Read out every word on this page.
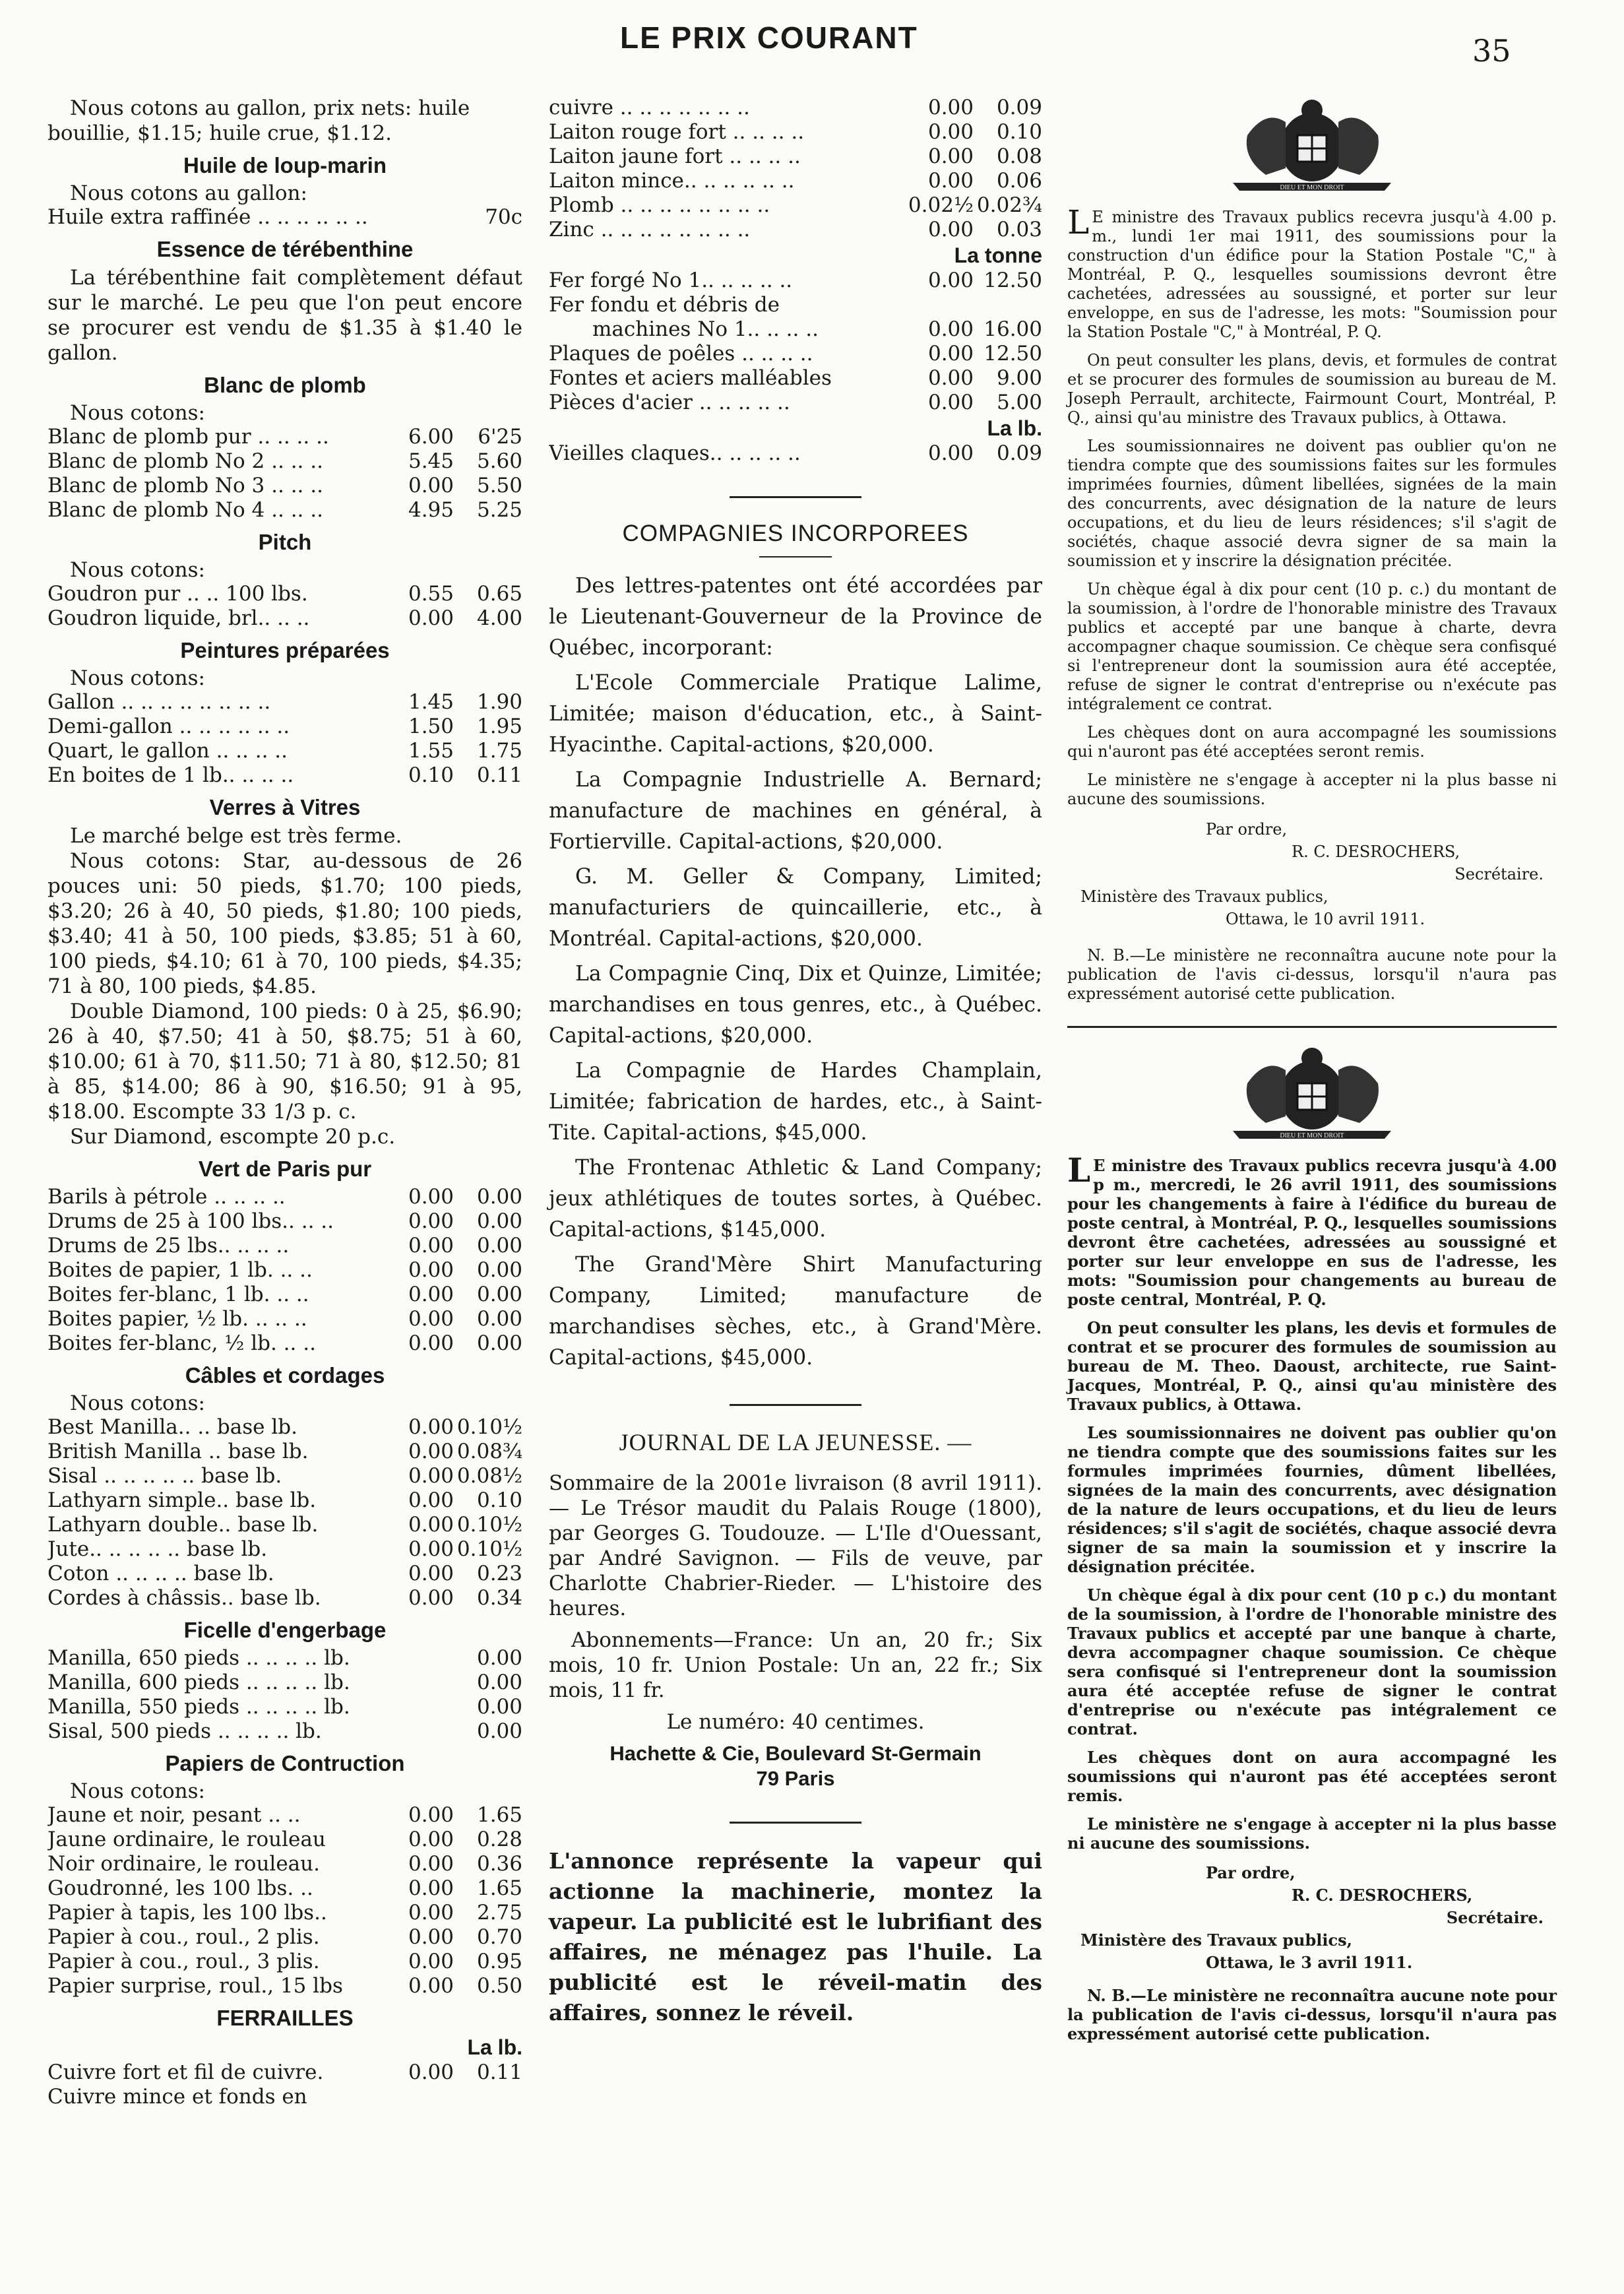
LE PRIX COURANT	35

Nous cotons au gallon, prix nets: huile bouillie, $1.15; huile crue, $1.12.

Huile de loup-marin

Nous cotons au gallon:

Huile extra raffinée .. .. .. .. .. ..	70c
Essence de térébenthine

La térébenthine fait complètement défaut sur le marché. Le peu que l'on peut encore se procurer est vendu de $1.35 à $1.40 le gallon.

Blanc de plomb

Nous cotons:

Blanc de plomb pur .. .. .. ..	6.00	6'25
Blanc de plomb No 2 .. .. ..	5.45	5.60
Blanc de plomb No 3 .. .. ..	0.00	5.50
Blanc de plomb No 4 .. .. ..	4.95	5.25
Pitch

Nous cotons:

Goudron pur .. .. 100 lbs.	0.55	0.65
Goudron liquide, brl.. .. ..	0.00	4.00
Peintures préparées

Nous cotons:

Gallon .. .. .. .. .. .. .. ..	1.45	1.90
Demi-gallon .. .. .. .. .. ..	1.50	1.95
Quart, le gallon .. .. .. ..	1.55	1.75
En boites de 1 lb.. .. .. ..	0.10	0.11
Verres à Vitres

Le marché belge est très ferme.

Nous cotons: Star, au-dessous de 26 pouces uni: 50 pieds, $1.70; 100 pieds, $3.20; 26 à 40, 50 pieds, $1.80; 100 pieds, $3.40; 41 à 50, 100 pieds, $3.85; 51 à 60, 100 pieds, $4.10; 61 à 70, 100 pieds, $4.35; 71 à 80, 100 pieds, $4.85.

Double Diamond, 100 pieds: 0 à 25, $6.90; 26 à 40, $7.50; 41 à 50, $8.75; 51 à 60, $10.00; 61 à 70, $11.50; 71 à 80, $12.50; 81 à 85, $14.00; 86 à 90, $16.50; 91 à 95, $18.00. Escompte 33 1/3 p. c.

Sur Diamond, escompte 20 p.c.

Vert de Paris pur
Barils à pétrole .. .. .. ..	0.00	0.00
Drums de 25 à 100 lbs.. .. ..	0.00	0.00
Drums de 25 lbs.. .. .. ..	0.00	0.00
Boites de papier, 1 lb. .. ..	0.00	0.00
Boites fer-blanc, 1 lb. .. ..	0.00	0.00
Boites papier, ½ lb. .. .. ..	0.00	0.00
Boites fer-blanc, ½ lb. .. ..	0.00	0.00
Câbles et cordages

Nous cotons:

Best Manilla.. .. base lb.	0.00 0.10½
British Manilla .. base lb.	0.00 0.08¾
Sisal .. .. .. .. .. base lb.	0.00 0.08½
Lathyarn simple.. base lb.	0.00	0.10
Lathyarn double.. base lb.	0.00 0.10½
Jute.. .. .. .. .. base lb.	0.00 0.10½
Coton .. .. .. .. base lb.	0.00	0.23
Cordes à châssis.. base lb.	0.00	0.34
Ficelle d'engerbage
Manilla, 650 pieds .. .. .. .. lb.	0.00
Manilla, 600 pieds .. .. .. .. lb.	0.00
Manilla, 550 pieds .. .. .. .. lb.	0.00
Sisal, 500 pieds .. .. .. .. lb.	0.00
Papiers de Contruction

Nous cotons:

Jaune et noir, pesant .. ..	0.00	1.65
Jaune ordinaire, le rouleau	0.00	0.28
Noir ordinaire, le rouleau.	0.00	0.36
Goudronné, les 100 lbs. ..	0.00	1.65
Papier à tapis, les 100 lbs..	0.00	2.75
Papier à cou., roul., 2 plis.	0.00	0.70
Papier à cou., roul., 3 plis.	0.00	0.95
Papier surprise, roul., 15 lbs	0.00	0.50
FERRAILLES
La lb.
Cuivre fort et fil de cuivre.	0.00	0.11
Cuivre mince et fonds en
cuivre .. .. .. .. .. .. ..	0.00	0.09
Laiton rouge fort .. .. .. ..	0.00	0.10
Laiton jaune fort .. .. .. ..	0.00	0.08
Laiton mince.. .. .. .. .. ..	0.00	0.06
Plomb .. .. .. .. .. .. .. ..	0.02½ 0.02¾
Zinc .. .. .. .. .. .. .. ..	0.00	0.03
La tonne
Fer forgé No 1.. .. .. .. ..	0.00 12.50
Fer fondu et débris de
machines No 1.. .. .. ..	0.00 16.00
Plaques de poêles .. .. .. ..	0.00 12.50
Fontes et aciers malléables	0.00	9.00
Pièces d'acier .. .. .. .. ..	0.00	5.00
La lb.
Vieilles claques.. .. .. .. ..	0.00	0.09
COMPAGNIES INCORPOREES

Des lettres-patentes ont été accordées par le Lieutenant-Gouverneur de la Province de Québec, incorporant:

L'Ecole Commerciale Pratique Lalime, Limitée; maison d'éducation, etc., à Saint-Hyacinthe. Capital-actions, $20,000.

La Compagnie Industrielle A. Bernard; manufacture de machines en général, à Fortierville. Capital-actions, $20,000.

G. M. Geller & Company, Limited; manufacturiers de quincaillerie, etc., à Montréal. Capital-actions, $20,000.

La Compagnie Cinq, Dix et Quinze, Limitée; marchandises en tous genres, etc., à Québec. Capital-actions, $20,000.

La Compagnie de Hardes Champlain, Limitée; fabrication de hardes, etc., à Saint-Tite. Capital-actions, $45,000.

The Frontenac Athletic & Land Company; jeux athlétiques de toutes sortes, à Québec. Capital-actions, $145,000.

The Grand'Mère Shirt Manufacturing Company, Limited; manufacture de marchandises sèches, etc., à Grand'Mère. Capital-actions, $45,000.

JOURNAL DE LA JEUNESSE. —

Sommaire de la 2001e livraison (8 avril 1911). — Le Trésor maudit du Palais Rouge (1800), par Georges G. Toudouze. — L'Ile d'Ouessant, par André Savignon. — Fils de veuve, par Charlotte Chabrier-Rieder. — L'histoire des heures.

Abonnements—France: Un an, 20 fr.; Six mois, 10 fr. Union Postale: Un an, 22 fr.; Six mois, 11 fr.

Le numéro: 40 centimes.

Hachette & Cie, Boulevard St-Germain

79 Paris

L'annonce représente la vapeur qui actionne la machinerie, montez la vapeur. La publicité est le lubrifiant des affaires, ne ménagez pas l'huile. La publicité est le réveil-matin des affaires, sonnez le réveil.

DIEU ET MON DROIT

LE ministre des Travaux publics recevra jusqu'à 4.00 p. m., lundi 1er mai 1911, des soumissions pour la construction d'un édifice pour la Station Postale "C," à Montréal, P. Q., lesquelles soumissions devront être cachetées, adressées au soussigné, et porter sur leur enveloppe, en sus de l'adresse, les mots: "Soumission pour la Station Postale "C," à Montréal, P. Q.

On peut consulter les plans, devis, et formules de contrat et se procurer des formules de soumission au bureau de M. Joseph Perrault, architecte, Fairmount Court, Montréal, P. Q., ainsi qu'au ministre des Travaux publics, à Ottawa.

Les soumissionnaires ne doivent pas oublier qu'on ne tiendra compte que des soumissions faites sur les formules imprimées fournies, dûment libellées, signées de la main des concurrents, avec désignation de la nature de leurs occupations, et du lieu de leurs résidences; s'il s'agit de sociétés, chaque associé devra signer de sa main la soumission et y inscrire la désignation précitée.

Un chèque égal à dix pour cent (10 p. c.) du montant de la soumission, à l'ordre de l'honorable ministre des Travaux publics et accepté par une banque à charte, devra accompagner chaque soumission. Ce chèque sera confisqué si l'entrepreneur dont la soumission aura été acceptée, refuse de signer le contrat d'entreprise ou n'exécute pas intégralement ce contrat.

Les chèques dont on aura accompagné les soumissions qui n'auront pas été acceptées seront remis.

Le ministère ne s'engage à accepter ni la plus basse ni aucune des soumissions.

Par ordre,
R. C. DESROCHERS,
Secrétaire.
Ministère des Travaux publics,
Ottawa, le 10 avril 1911.

N. B.—Le ministère ne reconnaîtra aucune note pour la publication de l'avis ci-dessus, lorsqu'il n'aura pas expressément autorisé cette publication.

DIEU ET MON DROIT

LE ministre des Travaux publics recevra jusqu'à 4.00 p m., mercredi, le 26 avril 1911, des soumissions pour les changements à faire à l'édifice du bureau de poste central, à Montréal, P. Q., lesquelles soumissions devront être cachetées, adressées au soussigné et porter sur leur enveloppe en sus de l'adresse, les mots: "Soumission pour changements au bureau de poste central, Montréal, P. Q.

On peut consulter les plans, les devis et formules de contrat et se procurer des formules de soumission au bureau de M. Theo. Daoust, architecte, rue Saint-Jacques, Montréal, P. Q., ainsi qu'au ministère des Travaux publics, à Ottawa.

Les soumissionnaires ne doivent pas oublier qu'on ne tiendra compte que des soumissions faites sur les formules imprimées fournies, dûment libellées, signées de la main des concurrents, avec désignation de la nature de leurs occupations, et du lieu de leurs résidences; s'il s'agit de sociétés, chaque associé devra signer de sa main la soumission et y inscrire la désignation précitée.

Un chèque égal à dix pour cent (10 p c.) du montant de la soumission, à l'ordre de l'honorable ministre des Travaux publics et accepté par une banque à charte, devra accompagner chaque soumission. Ce chèque sera confisqué si l'entrepreneur dont la soumission aura été acceptée refuse de signer le contrat d'entreprise ou n'exécute pas intégralement ce contrat.

Les chèques dont on aura accompagné les soumissions qui n'auront pas été acceptées seront remis.

Le ministère ne s'engage à accepter ni la plus basse ni aucune des soumissions.

Par ordre,
R. C. DESROCHERS,
Secrétaire.
Ministère des Travaux publics,
Ottawa, le 3 avril 1911.

N. B.—Le ministère ne reconnaîtra aucune note pour la publication de l'avis ci-dessus, lorsqu'il n'aura pas expressément autorisé cette publication.
